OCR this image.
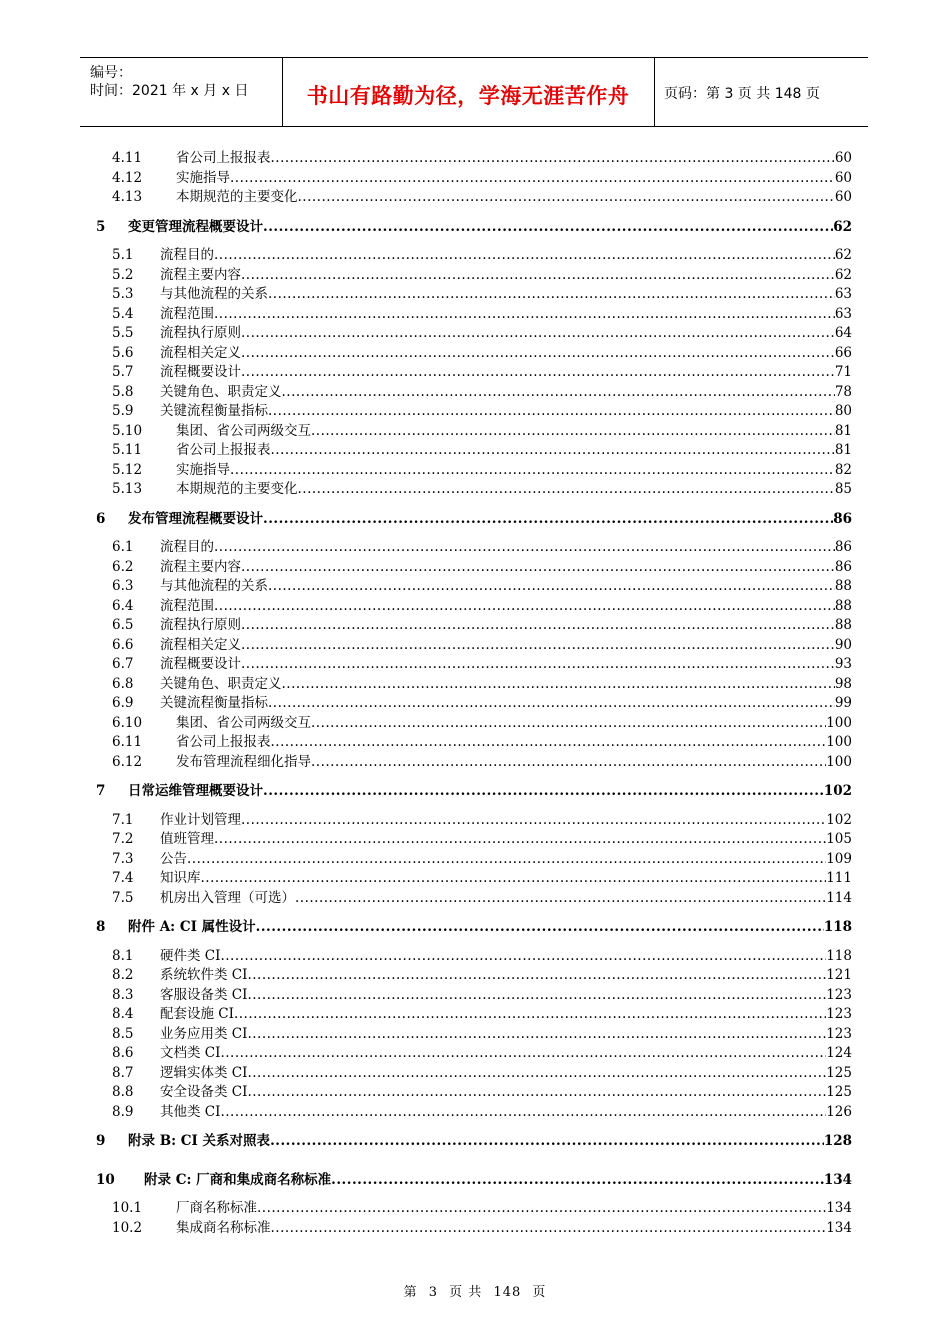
编号：
时间：2021 年 x 月 x 日	书山有路勤为径，学海无涯苦作舟	页码：第 3 页 共 148 页
4.11	省公司上报报表 .....	60
4.12	实施指导 .....	60
4.13	本期规范的主要变化 .....	60
5 变更管理流程概要设计 .....	62
5.1 流程目的 .....	62
5.2 流程主要内容 .....	62
5.3 与其他流程的关系 .....	63
5.4 流程范围 .....	63
5.5 流程执行原则 .....	64
5.6 流程相关定义 .....	66
5.7 流程概要设计 .....	71
5.8 关键角色、职责定义 .....	78
5.9 关键流程衡量指标 .....	80
5.10	集团、省公司两级交互 .....	81
5.11	省公司上报报表 .....	81
5.12	实施指导 .....	82
5.13	本期规范的主要变化 .....	85
6 发布管理流程概要设计 .....	86
6.1 流程目的 .....	86
6.2 流程主要内容 .....	86
6.3 与其他流程的关系 .....	88
6.4 流程范围 .....	88
6.5 流程执行原则 .....	88
6.6 流程相关定义 .....	90
6.7 流程概要设计 .....	93
6.8 关键角色、职责定义 .....	98
6.9 关键流程衡量指标 .....	99
6.10	集团、省公司两级交互 .....	100
6.11	省公司上报报表 .....	100
6.12	发布管理流程细化指导 .....	100
7 日常运维管理概要设计 .....	102
7.1 作业计划管理 .....	102
7.2 值班管理 .....	105
7.3 公告 .....	109
7.4 知识库 .....	111
7.5 机房出入管理（可选） .....	114
8 附件 A: CI 属性设计 .....	118
8.1 硬件类 CI .....	118
8.2 系统软件类 CI .....	121
8.3 客服设备类 CI .....	123
8.4 配套设施 CI .....	123
8.5 业务应用类 CI .....	123
8.6 文档类 CI .....	124
8.7 逻辑实体类 CI .....	125
8.8 安全设备类 CI .....	125
8.9 其他类 CI .....	126
9 附录 B: CI 关系对照表 .....	128
10 附录 C: 厂商和集成商名称标准 .....	134
10.1	厂商名称标准 .....	134
10.2	集成商名称标准 .....	134
第 3 页 共 148 页
